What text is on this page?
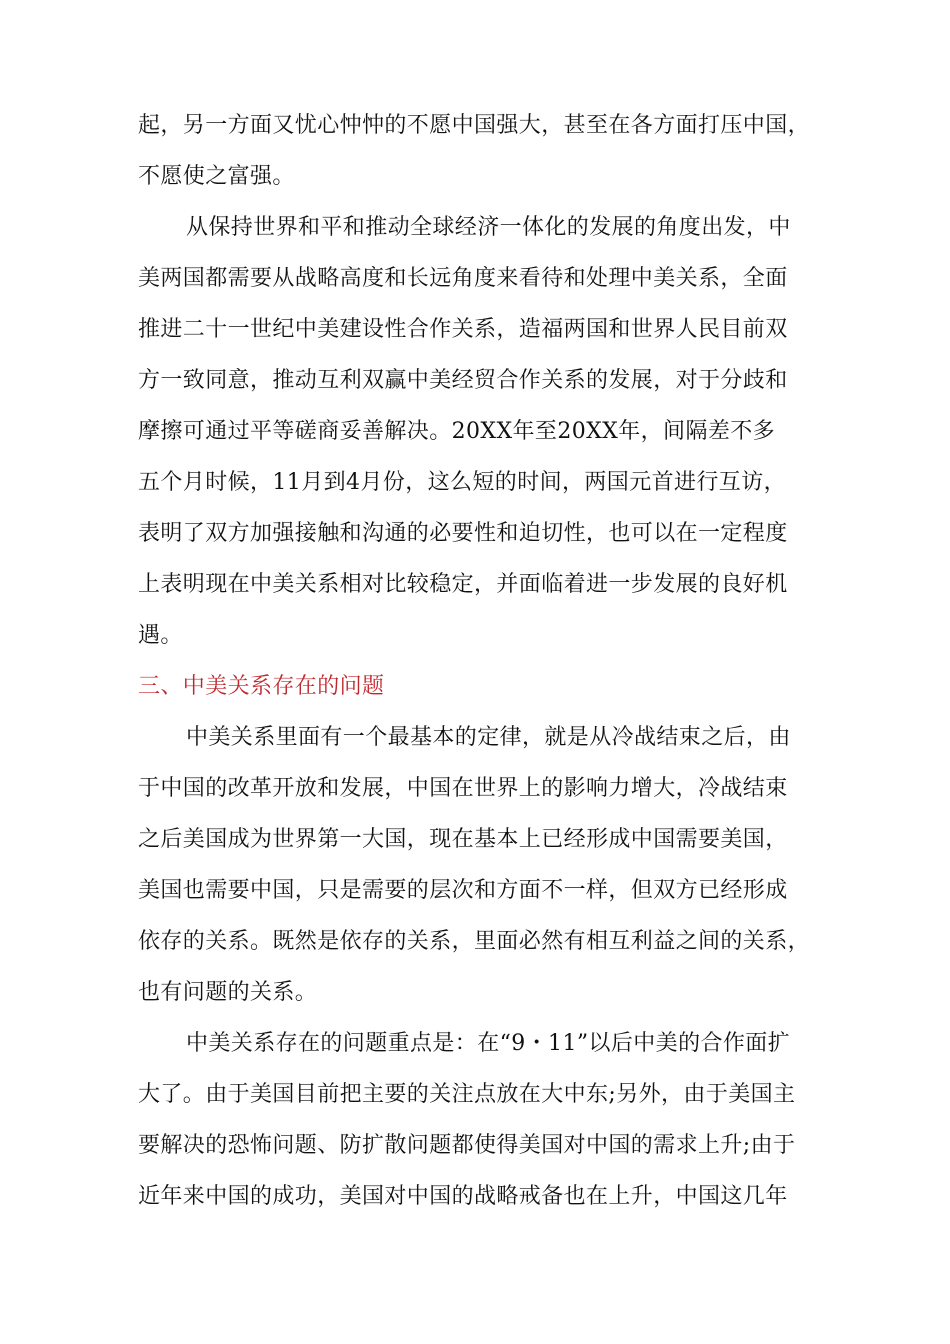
起，另一方面又忧心忡忡的不愿中国强大，甚至在各方面打压中国，
不愿使之富强。
从保持世界和平和推动全球经济一体化的发展的角度出发，中
美两国都需要从战略高度和长远角度来看待和处理中美关系，全面
推进二十一世纪中美建设性合作关系，造福两国和世界人民目前双
方一致同意，推动互利双赢中美经贸合作关系的发展，对于分歧和
摩擦可通过平等磋商妥善解决。20XX年至20XX年，间隔差不多
五个月时候，11月到4月份，这么短的时间，两国元首进行互访，
表明了双方加强接触和沟通的必要性和迫切性，也可以在一定程度
上表明现在中美关系相对比较稳定，并面临着进一步发展的良好机
遇。
三、中美关系存在的问题
中美关系里面有一个最基本的定律，就是从冷战结束之后，由
于中国的改革开放和发展，中国在世界上的影响力增大，冷战结束
之后美国成为世界第一大国，现在基本上已经形成中国需要美国，
美国也需要中国，只是需要的层次和方面不一样，但双方已经形成
依存的关系。既然是依存的关系，里面必然有相互利益之间的关系，
也有问题的关系。
中美关系存在的问题重点是：在“9・11”以后中美的合作面扩
大了。由于美国目前把主要的关注点放在大中东;另外，由于美国主
要解决的恐怖问题、防扩散问题都使得美国对中国的需求上升;由于
近年来中国的成功，美国对中国的战略戒备也在上升，中国这几年
